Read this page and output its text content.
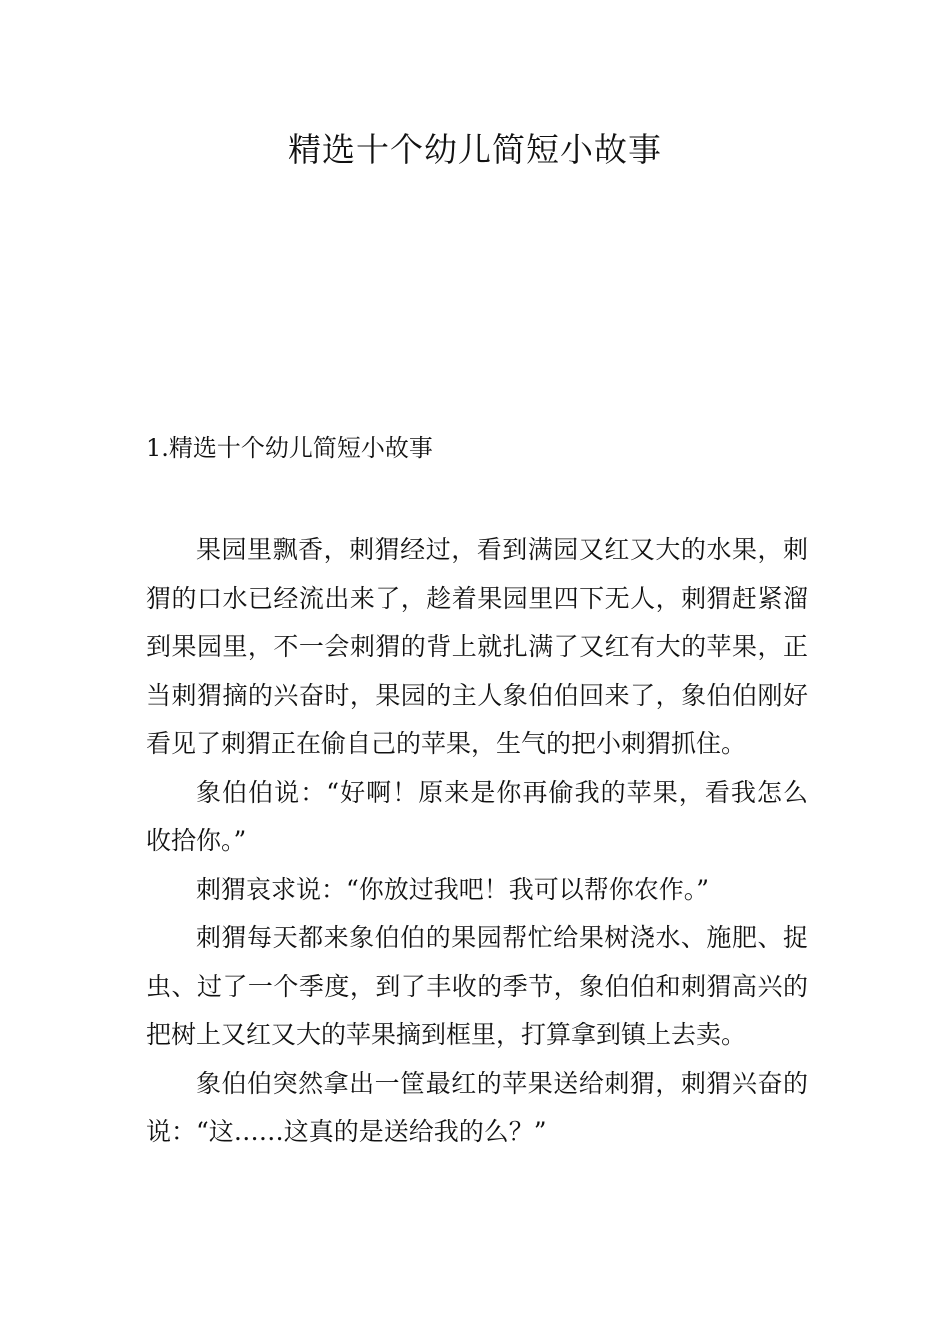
精选十个幼儿简短小故事
1.精选十个幼儿简短小故事

果园里飘香，刺猬经过，看到满园又红又大的水果，刺猬的口水已经流出来了，趁着果园里四下无人，刺猬赶紧溜到果园里，不一会刺猬的背上就扎满了又红有大的苹果，正当刺猬摘的兴奋时，果园的主人象伯伯回来了，象伯伯刚好看见了刺猬正在偷自己的苹果，生气的把小刺猬抓住。

象伯伯说：“好啊！原来是你再偷我的苹果，看我怎么收拾你。”

刺猬哀求说：“你放过我吧！我可以帮你农作。”

刺猬每天都来象伯伯的果园帮忙给果树浇水、施肥、捉虫、过了一个季度，到了丰收的季节，象伯伯和刺猬高兴的把树上又红又大的苹果摘到框里，打算拿到镇上去卖。

象伯伯突然拿出一筐最红的苹果送给刺猬，刺猬兴奋的说：“这……这真的是送给我的么？”
